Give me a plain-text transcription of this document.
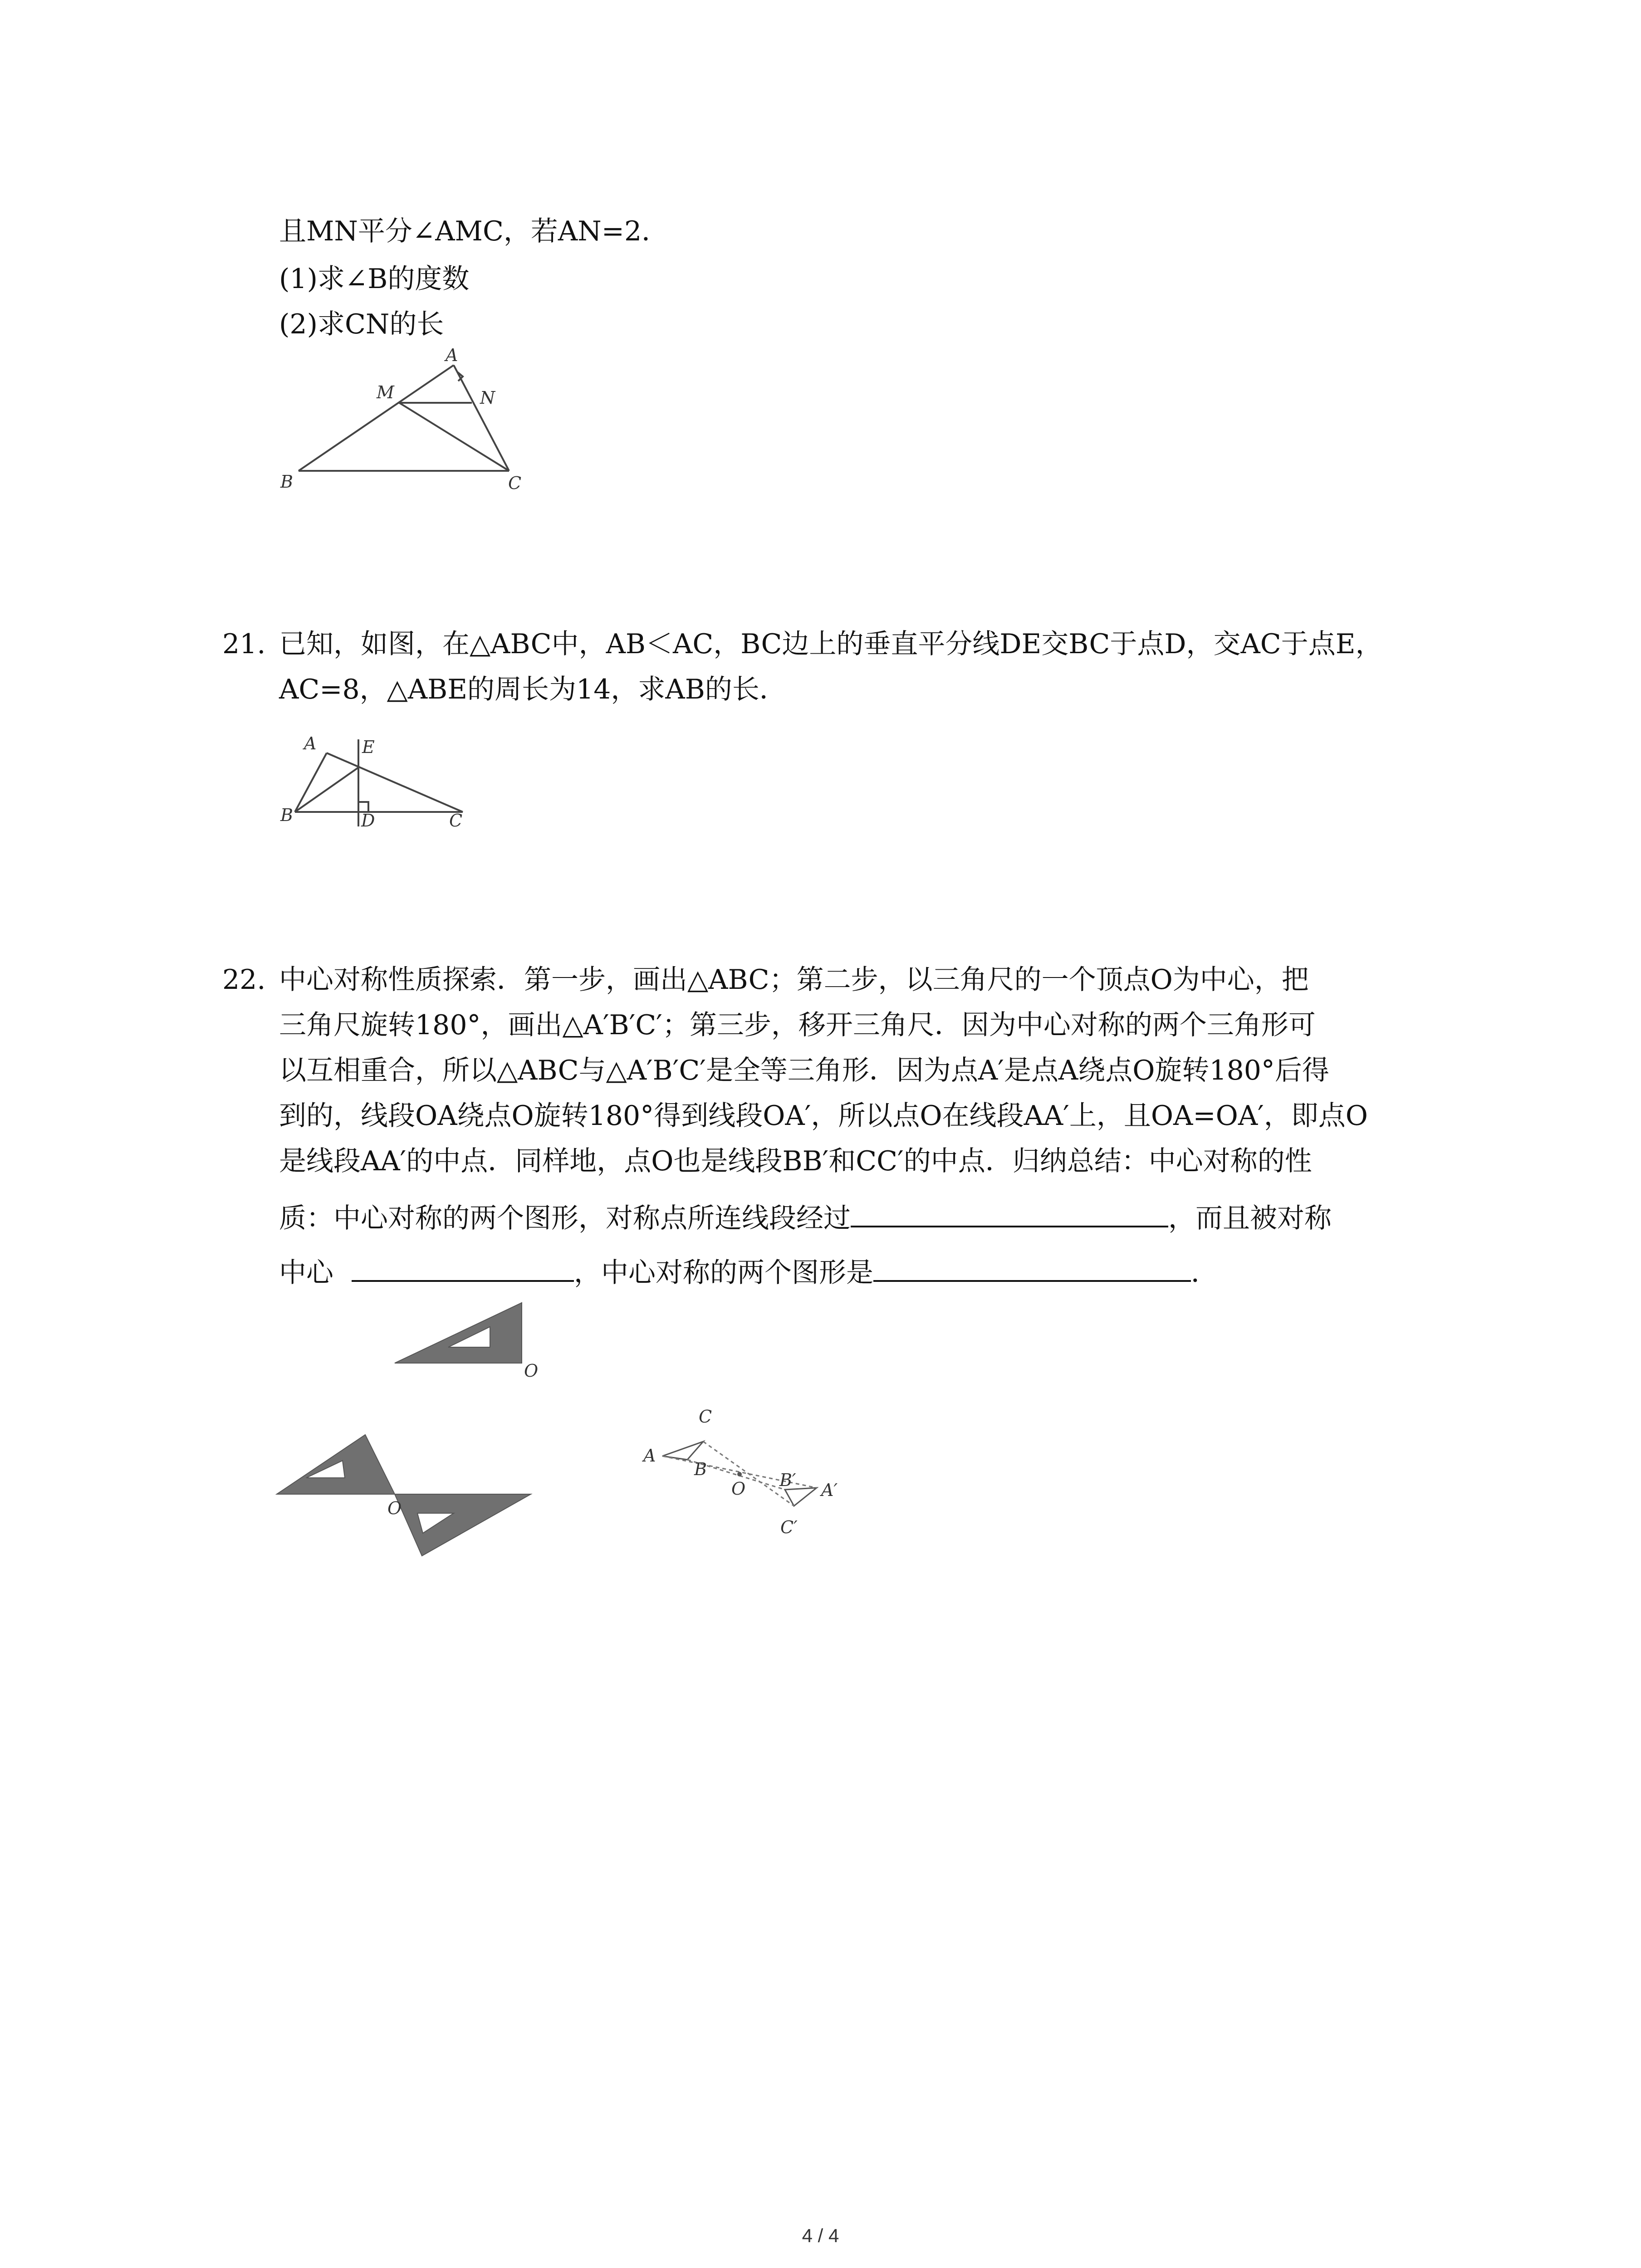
且MN平分∠AMC，若AN=2．
(1)求∠B的度数
(2)求CN的长
A
M	N
B	C
21. 已知，如图，在△ABC中，AB＜AC，BC边上的垂直平分线DE交BC于点D，交AC于点E，
AC=8，△ABE的周长为14，求AB的长．
A	E
B	D	C
22. 中心对称性质探索．第一步，画出△ABC；第二步，以三角尺的一个顶点O为中心，把
三角尺旋转180°，画出△A′B′C′；第三步，移开三角尺．因为中心对称的两个三角形可
以互相重合，所以△ABC与△A′B′C′是全等三角形．因为点A′是点A绕点O旋转180°后得
到的，线段OA绕点O旋转180°得到线段OA′，所以点O在线段AA′上，且OA=OA′，即点O
是线段AA′的中点．同样地，点O也是线段BB′和CC′的中点．归纳总结：中心对称的性
质：中心对称的两个图形，对称点所连线段经过	，而且被对称
中心	，中心对称的两个图形是	．
O
O
A
B
C
O	A′
B′
C′
4 / 4
